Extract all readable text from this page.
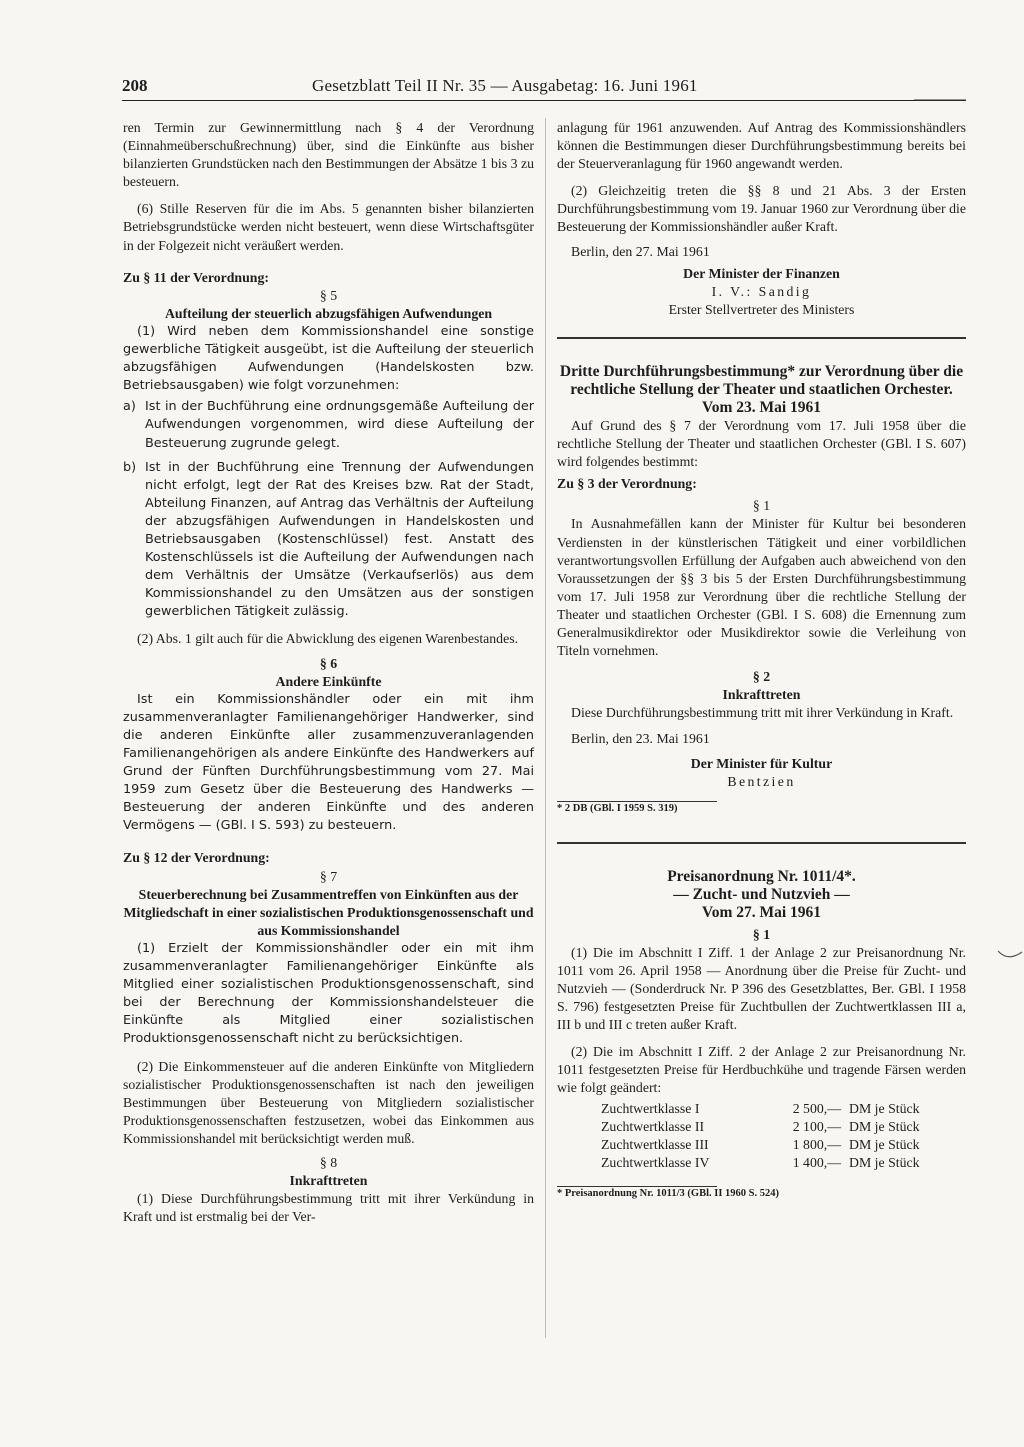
208	Gesetzblatt Teil II Nr. 35 — Ausgabetag: 16. Juni 1961

ren Termin zur Gewinnermittlung nach § 4 der Verordnung (Einnahmeüberschußrechnung) über, sind die Einkünfte aus bisher bilanzierten Grundstücken nach den Bestimmungen der Absätze 1 bis 3 zu besteuern.

(6) Stille Reserven für die im Abs. 5 genannten bisher bilanzierten Betriebsgrundstücke werden nicht besteuert, wenn diese Wirtschaftsgüter in der Folgezeit nicht veräußert werden.

Zu § 11 der Verordnung:

§ 5

Aufteilung der steuerlich abzugsfähigen Aufwendungen

(1) Wird neben dem Kommissionshandel eine sonstige gewerbliche Tätigkeit ausgeübt, ist die Aufteilung der steuerlich abzugsfähigen Aufwendungen (Handelskosten bzw. Betriebsausgaben) wie folgt vorzunehmen:

a) Ist in der Buchführung eine ordnungsgemäße Aufteilung der Aufwendungen vorgenommen, wird diese Aufteilung der Besteuerung zugrunde gelegt.
b) Ist in der Buchführung eine Trennung der Aufwendungen nicht erfolgt, legt der Rat des Kreises bzw. Rat der Stadt, Abteilung Finanzen, auf Antrag das Verhältnis der Aufteilung der abzugsfähigen Aufwendungen in Handelskosten und Betriebsausgaben (Kostenschlüssel) fest. Anstatt des Kostenschlüssels ist die Aufteilung der Aufwendungen nach dem Verhältnis der Umsätze (Verkaufserlös) aus dem Kommissionshandel zu den Umsätzen aus der sonstigen gewerblichen Tätigkeit zulässig.

(2) Abs. 1 gilt auch für die Abwicklung des eigenen Warenbestandes.

§ 6

Andere Einkünfte

Ist ein Kommissionshändler oder ein mit ihm zusammenveranlagter Familienangehöriger Handwerker, sind die anderen Einkünfte aller zusammenzuveranlagenden Familienangehörigen als andere Einkünfte des Handwerkers auf Grund der Fünften Durchführungsbestimmung vom 27. Mai 1959 zum Gesetz über die Besteuerung des Handwerks — Besteuerung der anderen Einkünfte und des anderen Vermögens — (GBl. I S. 593) zu besteuern.

Zu § 12 der Verordnung:

§ 7

Steuerberechnung bei Zusammentreffen von Einkünften aus der Mitgliedschaft in einer sozialistischen Produktionsgenossenschaft und aus Kommissionshandel

(1) Erzielt der Kommissionshändler oder ein mit ihm zusammenveranlagter Familienangehöriger Einkünfte als Mitglied einer sozialistischen Produktionsgenossenschaft, sind bei der Berechnung der Kommissionshandelsteuer die Einkünfte als Mitglied einer sozialistischen Produktionsgenossenschaft nicht zu berücksichtigen.

(2) Die Einkommensteuer auf die anderen Einkünfte von Mitgliedern sozialistischer Produktionsgenossenschaften ist nach den jeweiligen Bestimmungen über Besteuerung von Mitgliedern sozialistischer Produktionsgenossenschaften festzusetzen, wobei das Einkommen aus Kommissionshandel mit berücksichtigt werden muß.

§ 8

Inkrafttreten

(1) Diese Durchführungsbestimmung tritt mit ihrer Verkündung in Kraft und ist erstmalig bei der Ver-

anlagung für 1961 anzuwenden. Auf Antrag des Kommissionshändlers können die Bestimmungen dieser Durchführungsbestimmung bereits bei der Steuerveranlagung für 1960 angewandt werden.

(2) Gleichzeitig treten die §§ 8 und 21 Abs. 3 der Ersten Durchführungsbestimmung vom 19. Januar 1960 zur Verordnung über die Besteuerung der Kommissionshändler außer Kraft.

Berlin, den 27. Mai 1961

Der Minister der Finanzen

I. V.: Sandig

Erster Stellvertreter des Ministers

Dritte Durchführungsbestimmung* zur Verordnung über die rechtliche Stellung der Theater und staatlichen Orchester.

Vom 23. Mai 1961

Auf Grund des § 7 der Verordnung vom 17. Juli 1958 über die rechtliche Stellung der Theater und staatlichen Orchester (GBl. I S. 607) wird folgendes bestimmt:

Zu § 3 der Verordnung:

§ 1

In Ausnahmefällen kann der Minister für Kultur bei besonderen Verdiensten in der künstlerischen Tätigkeit und einer vorbildlichen verantwortungsvollen Erfüllung der Aufgaben auch abweichend von den Voraussetzungen der §§ 3 bis 5 der Ersten Durchführungsbestimmung vom 17. Juli 1958 zur Verordnung über die rechtliche Stellung der Theater und staatlichen Orchester (GBl. I S. 608) die Ernennung zum Generalmusikdirektor oder Musikdirektor sowie die Verleihung von Titeln vornehmen.

§ 2

Inkrafttreten

Diese Durchführungsbestimmung tritt mit ihrer Verkündung in Kraft.

Berlin, den 23. Mai 1961

Der Minister für Kultur

Bentzien

* 2 DB (GBl. I 1959 S. 319)

Preisanordnung Nr. 1011/4*.

— Zucht- und Nutzvieh —

Vom 27. Mai 1961

§ 1

(1) Die im Abschnitt I Ziff. 1 der Anlage 2 zur Preisanordnung Nr. 1011 vom 26. April 1958 — Anordnung über die Preise für Zucht- und Nutzvieh — (Sonderdruck Nr. P 396 des Gesetzblattes, Ber. GBl. I 1958 S. 796) festgesetzten Preise für Zuchtbullen der Zuchtwertklassen III a, III b und III c treten außer Kraft.

(2) Die im Abschnitt I Ziff. 2 der Anlage 2 zur Preisanordnung Nr. 1011 festgesetzten Preise für Herdbuchkühe und tragende Färsen werden wie folgt geändert:

Zuchtwertklasse I	2 500,— DM je Stück
Zuchtwertklasse II	2 100,— DM je Stück
Zuchtwertklasse III	1 800,— DM je Stück
Zuchtwertklasse IV	1 400,— DM je Stück

* Preisanordnung Nr. 1011/3 (GBl. II 1960 S. 524)
